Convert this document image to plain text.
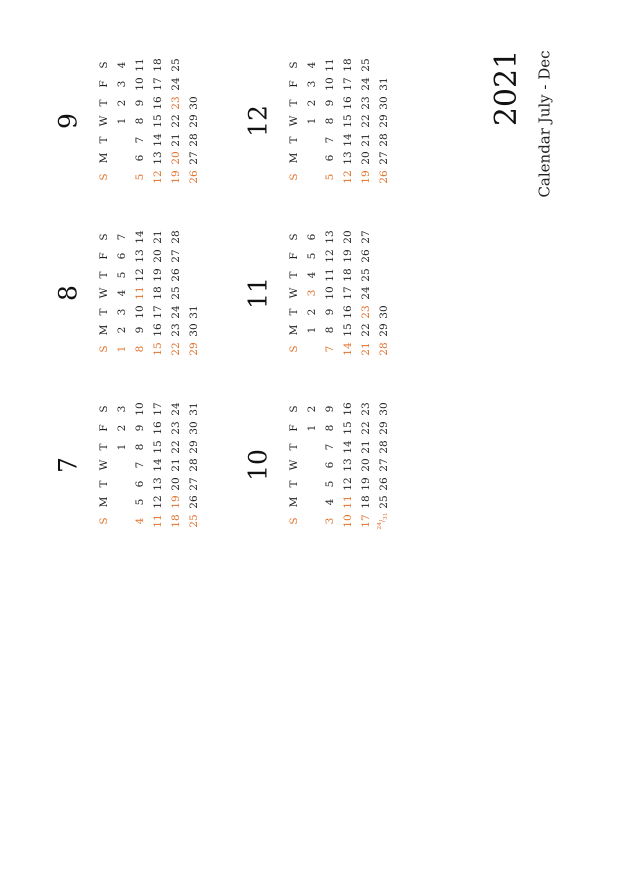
2021 Calendar July - Dec
7
S
M
T
W
T
F
S
1
2
3
4
5
6
7
8
9
10
11
12
13
14
15
16
17
18
19
20
21
22
23
24
25
26
27
28
29
30
31
8
S
M
T
W
T
F
S
1
2
3
4
5
6
7
8
9
10
11
12
13
14
15
16
17
18
19
20
21
22
23
24
25
26
27
28
29
30
31
9
S
M
T
W
T
F
S
1
2
3
4
5
6
7
8
9
10
11
12
13
14
15
16
17
18
19
20
21
22
23
24
25
26
27
28
29
30
10
S
M
T
W
T
F
S
1
2
3
4
5
6
7
8
9
10
11
12
13
14
15
16
17
18
19
20
21
22
23
$^{24}/_{31}$
25
26
27
28
29
30
11
S
M
T
W
T
F
S
1
2
3
4
5
6
7
8
9
10
11
12
13
14
15
16
17
18
19
20
21
22
23
24
25
26
27
28
29
30
12
S
M
T
W
T
F
S
1
2
3
4
5
6
7
8
9
10
11
12
13
14
15
16
17
18
19
20
21
22
23
24
25
26
27
28
29
30
31
